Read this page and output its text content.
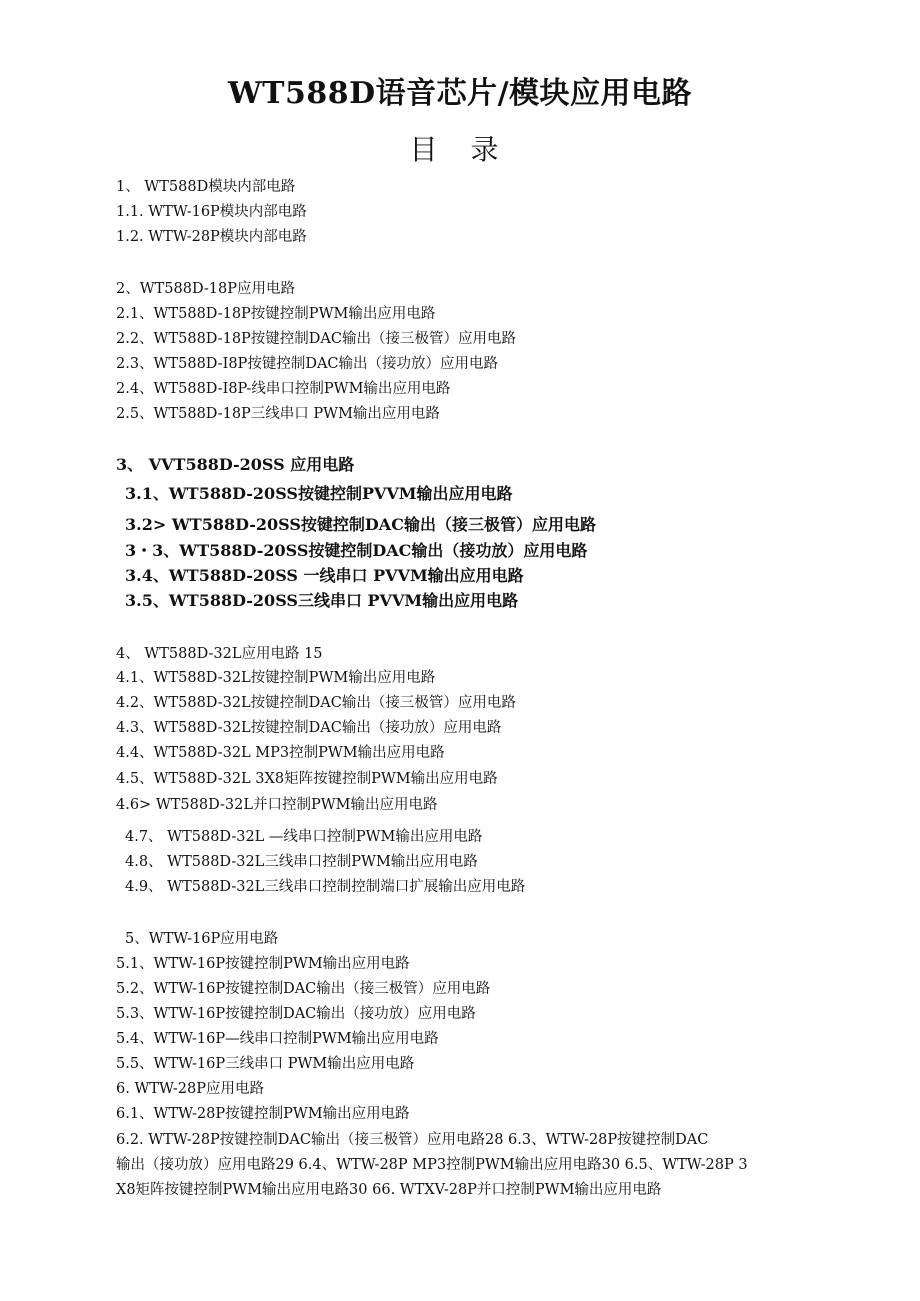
WT588D语音芯片/模块应用电路
目 录
1、 WT588D模块内部电路
1.1. WTW-16P模块内部电路
1.2. WTW-28P模块内部电路
2、WT588D-18P应用电路
2.1、WT588D-18P按键控制PWM输出应用电路
2.2、WT588D-18P按键控制DAC输出（接三极管）应用电路
2.3、WT588D-I8P按键控制DAC输出（接功放）应用电路
2.4、WT588D-I8P-线串口控制PWM输出应用电路
2.5、WT588D-18P三线串口 PWM输出应用电路
3、 VVT588D-20SS 应用电路
3.1、WT588D-20SS按键控制PVVM输出应用电路
3.2> WT588D-20SS按键控制DAC输出（接三极管）应用电路
3・3、WT588D-20SS按键控制DAC输出（接功放）应用电路
3.4、WT588D-20SS 一线串口 PVVM输出应用电路
3.5、WT588D-20SS三线串口 PVVM输出应用电路
4、 WT588D-32L应用电路 15
4.1、WT588D-32L按键控制PWM输出应用电路
4.2、WT588D-32L按键控制DAC输出（接三极管）应用电路
4.3、WT588D-32L按键控制DAC输出（接功放）应用电路
4.4、WT588D-32L MP3控制PWM输出应用电路
4.5、WT588D-32L 3X8矩阵按键控制PWM输出应用电路
4.6> WT588D-32L并口控制PWM输出应用电路
4.7、 WT588D-32L —线串口控制PWM输出应用电路
4.8、 WT588D-32L三线串口控制PWM输出应用电路
4.9、 WT588D-32L三线串口控制控制端口扩展输出应用电路
5、WTW-16P应用电路
5.1、WTW-16P按键控制PWM输出应用电路
5.2、WTW-16P按键控制DAC输出（接三极管）应用电路
5.3、WTW-16P按键控制DAC输出（接功放）应用电路
5.4、WTW-16P—线串口控制PWM输出应用电路
5.5、WTW-16P三线串口 PWM输出应用电路
6. WTW-28P应用电路
6.1、WTW-28P按键控制PWM输出应用电路
6.2. WTW-28P按键控制DAC输出（接三极管）应用电路28 6.3、WTW-28P按键控制DAC
输出（接功放）应用电路29 6.4、WTW-28P MP3控制PWM输出应用电路30 6.5、WTW-28P 3
X8矩阵按键控制PWM输出应用电路30 66. WTXV-28P并口控制PWM输出应用电路
